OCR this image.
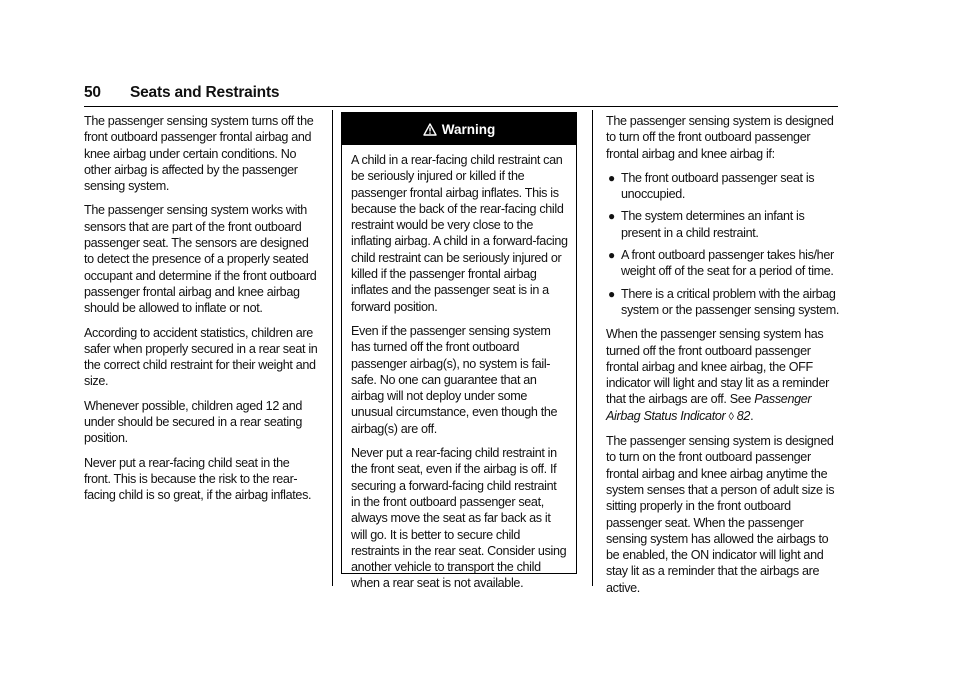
50 Seats and Restraints

The passenger sensing system turns off the front outboard passenger frontal airbag and knee airbag under certain conditions. No other airbag is affected by the passenger sensing system.

The passenger sensing system works with sensors that are part of the front outboard passenger seat. The sensors are designed to detect the presence of a properly seated occupant and determine if the front outboard passenger frontal airbag and knee airbag should be allowed to inflate or not.

According to accident statistics, children are safer when properly secured in a rear seat in the correct child restraint for their weight and size.

Whenever possible, children aged 12 and under should be secured in a rear seating position.

Never put a rear-facing child seat in the front. This is because the risk to the rear-facing child is so great, if the airbag inflates.

Warning

A child in a rear-facing child restraint can be seriously injured or killed if the passenger frontal airbag inflates. This is because the back of the rear-facing child restraint would be very close to the inflating airbag. A child in a forward-facing child restraint can be seriously injured or killed if the passenger frontal airbag inflates and the passenger seat is in a forward position.

Even if the passenger sensing system has turned off the front outboard passenger airbag(s), no system is fail-safe. No one can guarantee that an airbag will not deploy under some unusual circumstance, even though the airbag(s) are off.

Never put a rear-facing child restraint in the front seat, even if the airbag is off. If securing a forward-facing child restraint in the front outboard passenger seat, always move the seat as far back as it will go. It is better to secure child restraints in the rear seat. Consider using another vehicle to transport the child when a rear seat is not available.

The passenger sensing system is designed to turn off the front outboard passenger frontal airbag and knee airbag if:

● The front outboard passenger seat is unoccupied.
● The system determines an infant is present in a child restraint.
● A front outboard passenger takes his/her weight off of the seat for a period of time.
● There is a critical problem with the airbag system or the passenger sensing system.

When the passenger sensing system has turned off the front outboard passenger frontal airbag and knee airbag, the OFF indicator will light and stay lit as a reminder that the airbags are off. See Passenger Airbag Status Indicator ◊ 82.

The passenger sensing system is designed to turn on the front outboard passenger frontal airbag and knee airbag anytime the system senses that a person of adult size is sitting properly in the front outboard passenger seat. When the passenger sensing system has allowed the airbags to be enabled, the ON indicator will light and stay lit as a reminder that the airbags are active.
